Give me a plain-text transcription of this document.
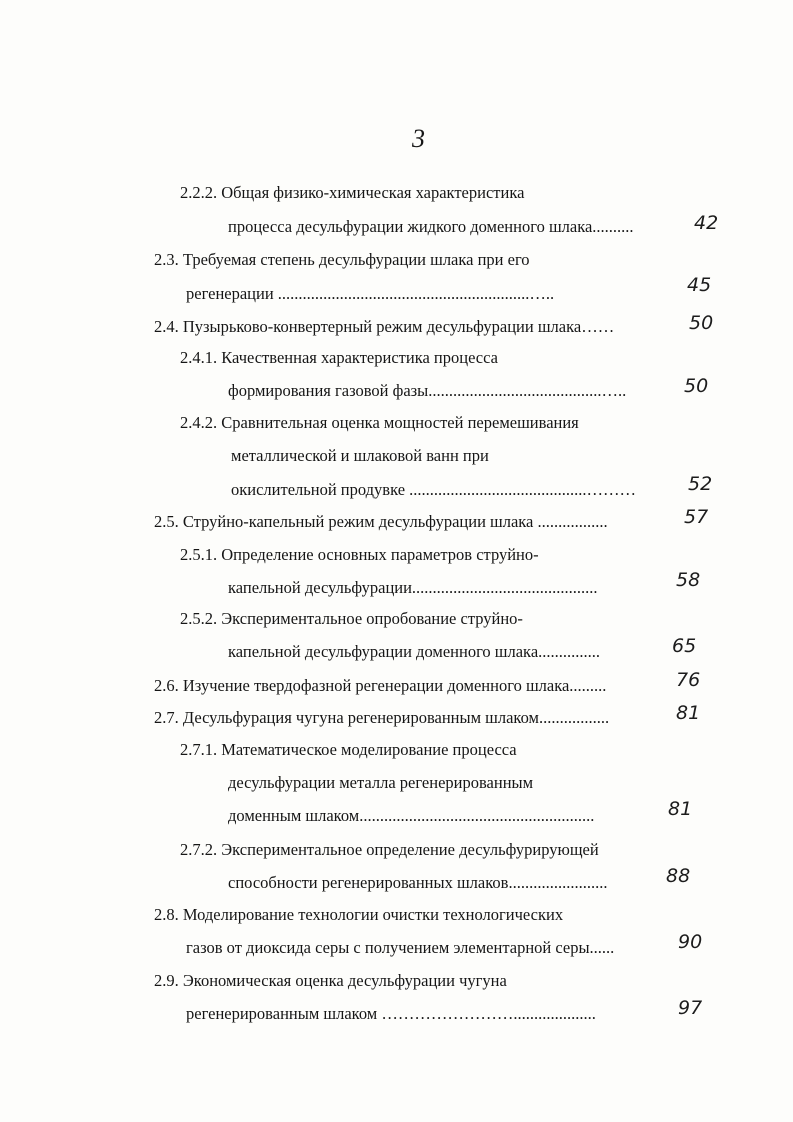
3
2.2.2. Общая физико-химическая характеристика
процесса десульфурации жидкого доменного шлака..........	42
2.3. Требуемая степень десульфурации шлака при его
регенерации .............................................................…..	45
2.4. Пузырьково-конвертерный режим десульфурации шлака……	50
2.4.1. Качественная характеристика процесса
формирования газовой фазы..........................................…..	50
2.4.2. Сравнительная оценка мощностей перемешивания
металлической и шлаковой ванн при
окислительной продувке ...........................................………	52
2.5. Струйно-капельный режим десульфурации шлака .................	57
2.5.1. Определение основных параметров струйно-
капельной десульфурации.............................................	58
2.5.2. Экспериментальное опробование струйно-
капельной десульфурации доменного шлака...............	65
2.6. Изучение твердофазной регенерации доменного шлака.........	76
2.7. Десульфурация чугуна регенерированным шлаком.................	81
2.7.1. Математическое моделирование процесса
десульфурации металла регенерированным
доменным шлаком.........................................................	81
2.7.2. Экспериментальное определение десульфурирующей
способности регенерированных шлаков........................	88
2.8. Моделирование технологии очистки технологических
газов от диоксида серы с получением элементарной серы......	90
2.9. Экономическая оценка десульфурации чугуна
регенерированным шлаком ……………………....................	97
